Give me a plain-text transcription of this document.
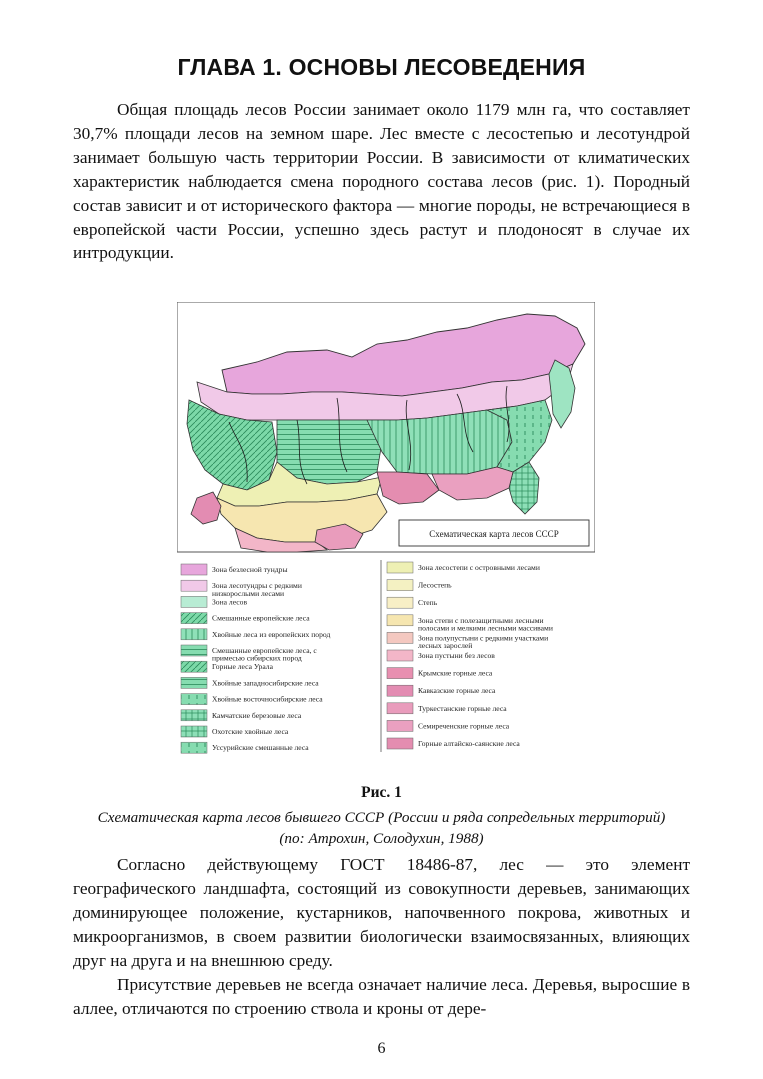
ГЛАВА 1. ОСНОВЫ ЛЕСОВЕДЕНИЯ

Общая площадь лесов России занимает около 1179 млн га, что составляет 30,7% площади лесов на земном шаре. Лес вместе с лесостепью и лесотундрой занимает большую часть территории России. В зависимости от климатических характеристик наблюдается смена породного состава лесов (рис. 1). Породный состав зависит и от исторического фактора — многие породы, не встречающиеся в европейской части России, успешно здесь растут и плодоносят в случае их интродукции.

Схематическая карта лесов СССР
Зона безлесной тундры
Зона лесотундры с редкими низкорослыми лесами
Зона лесов
Смешанные европейские леса
Хвойные леса из европейских пород
Смешанные европейские леса, с примесью сибирских пород
Горные леса Урала
Хвойные западносибирские леса
Хвойные восточносибирские леса
Камчатские березовые леса
Охотские хвойные леса
Уссурийские смешанные леса
Зона лесостепи с островными лесами
Лесостепь
Степь
Зона степи с полезащитными лесными полосами и мелкими лесными массивами
Зона полупустыни с редкими участками лесных зарослей
Зона пустыни без лесов
Крымские горные леса
Кавказские горные леса
Туркестанские горные леса
Семиреченские горные леса
Горные алтайско-саянские леса
Рис. 1
Схематическая карта лесов бывшего СССР (России и ряда сопредельных территорий) (по: Атрохин, Солодухин, 1988)

Согласно действующему ГОСТ 18486-87, лес — это элемент географического ландшафта, состоящий из совокупности деревьев, занимающих доминирующее положение, кустарников, напочвенного покрова, животных и микроорганизмов, в своем развитии биологически взаимосвязанных, влияющих друг на друга и на внешнюю среду.

Присутствие деревьев не всегда означает наличие леса. Деревья, выросшие в аллее, отличаются по строению ствола и кроны от дере-

6
